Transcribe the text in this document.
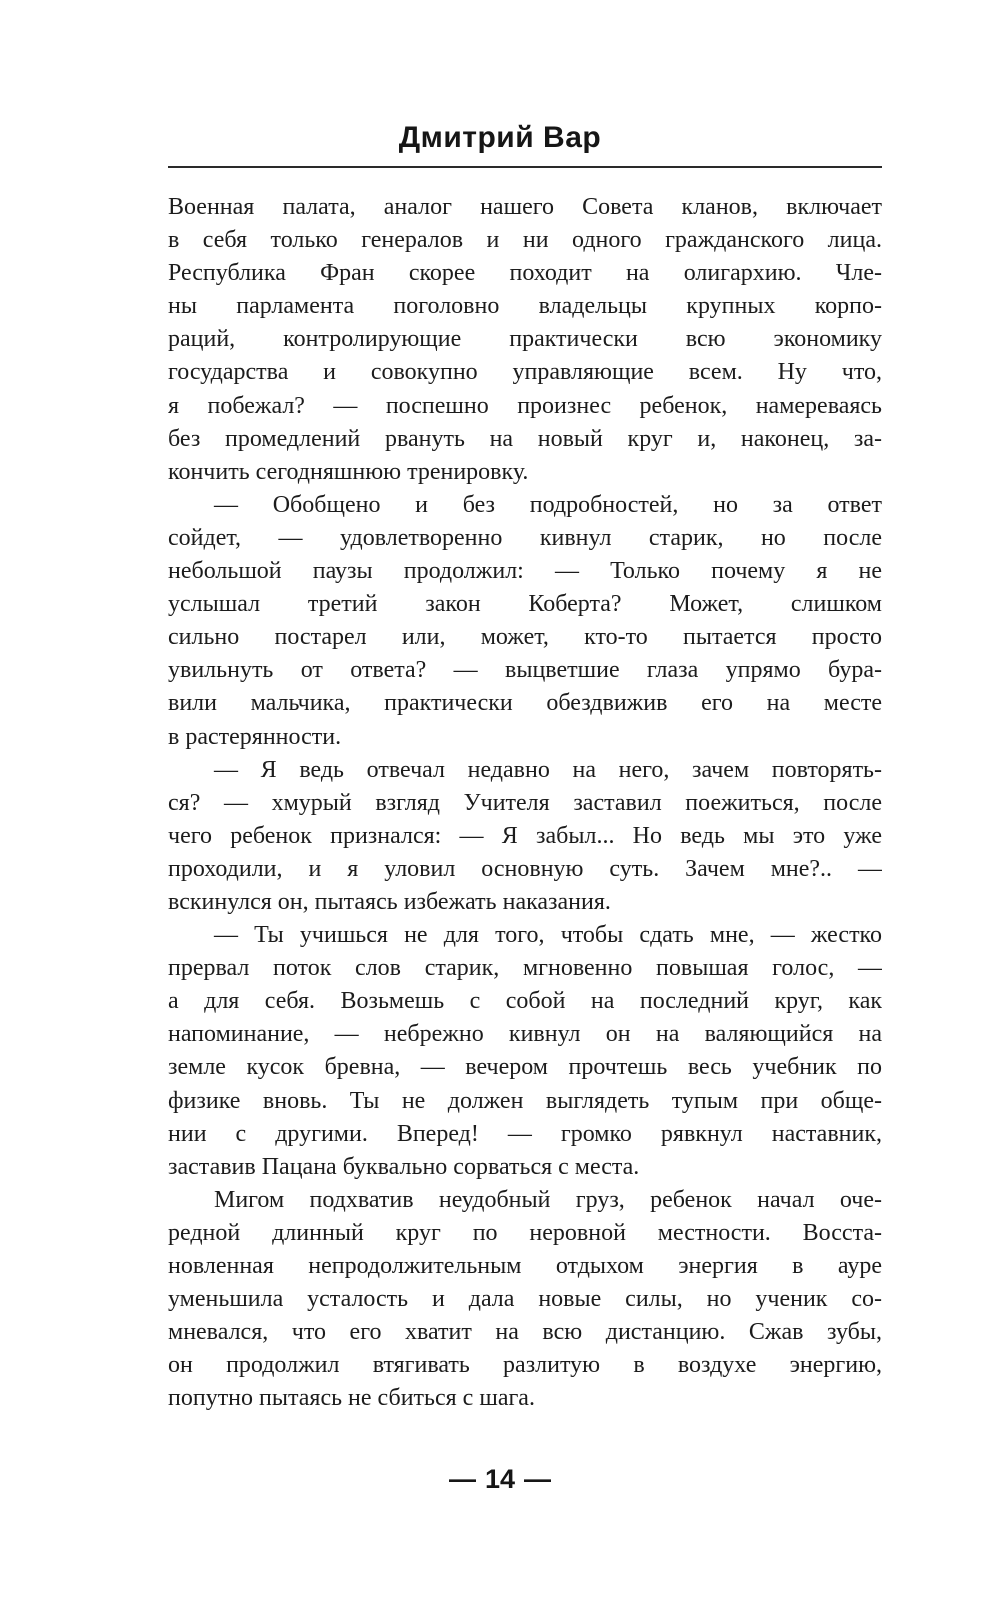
Дмитрий Вар
Военная палата, аналог нашего Совета кланов, включает
в себя только генералов и ни одного гражданского лица.
Республика Фран скорее походит на олигархию. Чле-
ны парламента поголовно владельцы крупных корпо-
раций, контролирующие практически всю экономику
государства и совокупно управляющие всем. Ну что,
я побежал? — поспешно произнес ребенок, намереваясь
без промедлений рвануть на новый круг и, наконец, за-
кончить сегодняшнюю тренировку.
— Обобщено и без подробностей, но за ответ
сойдет, — удовлетворенно кивнул старик, но после
небольшой паузы продолжил: — Только почему я не
услышал третий закон Коберта? Может, слишком
сильно постарел или, может, кто-то пытается просто
увильнуть от ответа? — выцветшие глаза упрямо бура-
вили мальчика, практически обездвижив его на месте
в растерянности.
— Я ведь отвечал недавно на него, зачем повторять-
ся? — хмурый взгляд Учителя заставил поежиться, после
чего ребенок признался: — Я забыл... Но ведь мы это уже
проходили, и я уловил основную суть. Зачем мне?.. —
вскинулся он, пытаясь избежать наказания.
— Ты учишься не для того, чтобы сдать мне, — жестко
прервал поток слов старик, мгновенно повышая голос, —
а для себя. Возьмешь с собой на последний круг, как
напоминание, — небрежно кивнул он на валяющийся на
земле кусок бревна, — вечером прочтешь весь учебник по
физике вновь. Ты не должен выглядеть тупым при обще-
нии с другими. Вперед! — громко рявкнул наставник,
заставив Пацана буквально сорваться с места.
Мигом подхватив неудобный груз, ребенок начал оче-
редной длинный круг по неровной местности. Восста-
новленная непродолжительным отдыхом энергия в ауре
уменьшила усталость и дала новые силы, но ученик со-
мневался, что его хватит на всю дистанцию. Сжав зубы,
он продолжил втягивать разлитую в воздухе энергию,
попутно пытаясь не сбиться с шага.
— 14 —
